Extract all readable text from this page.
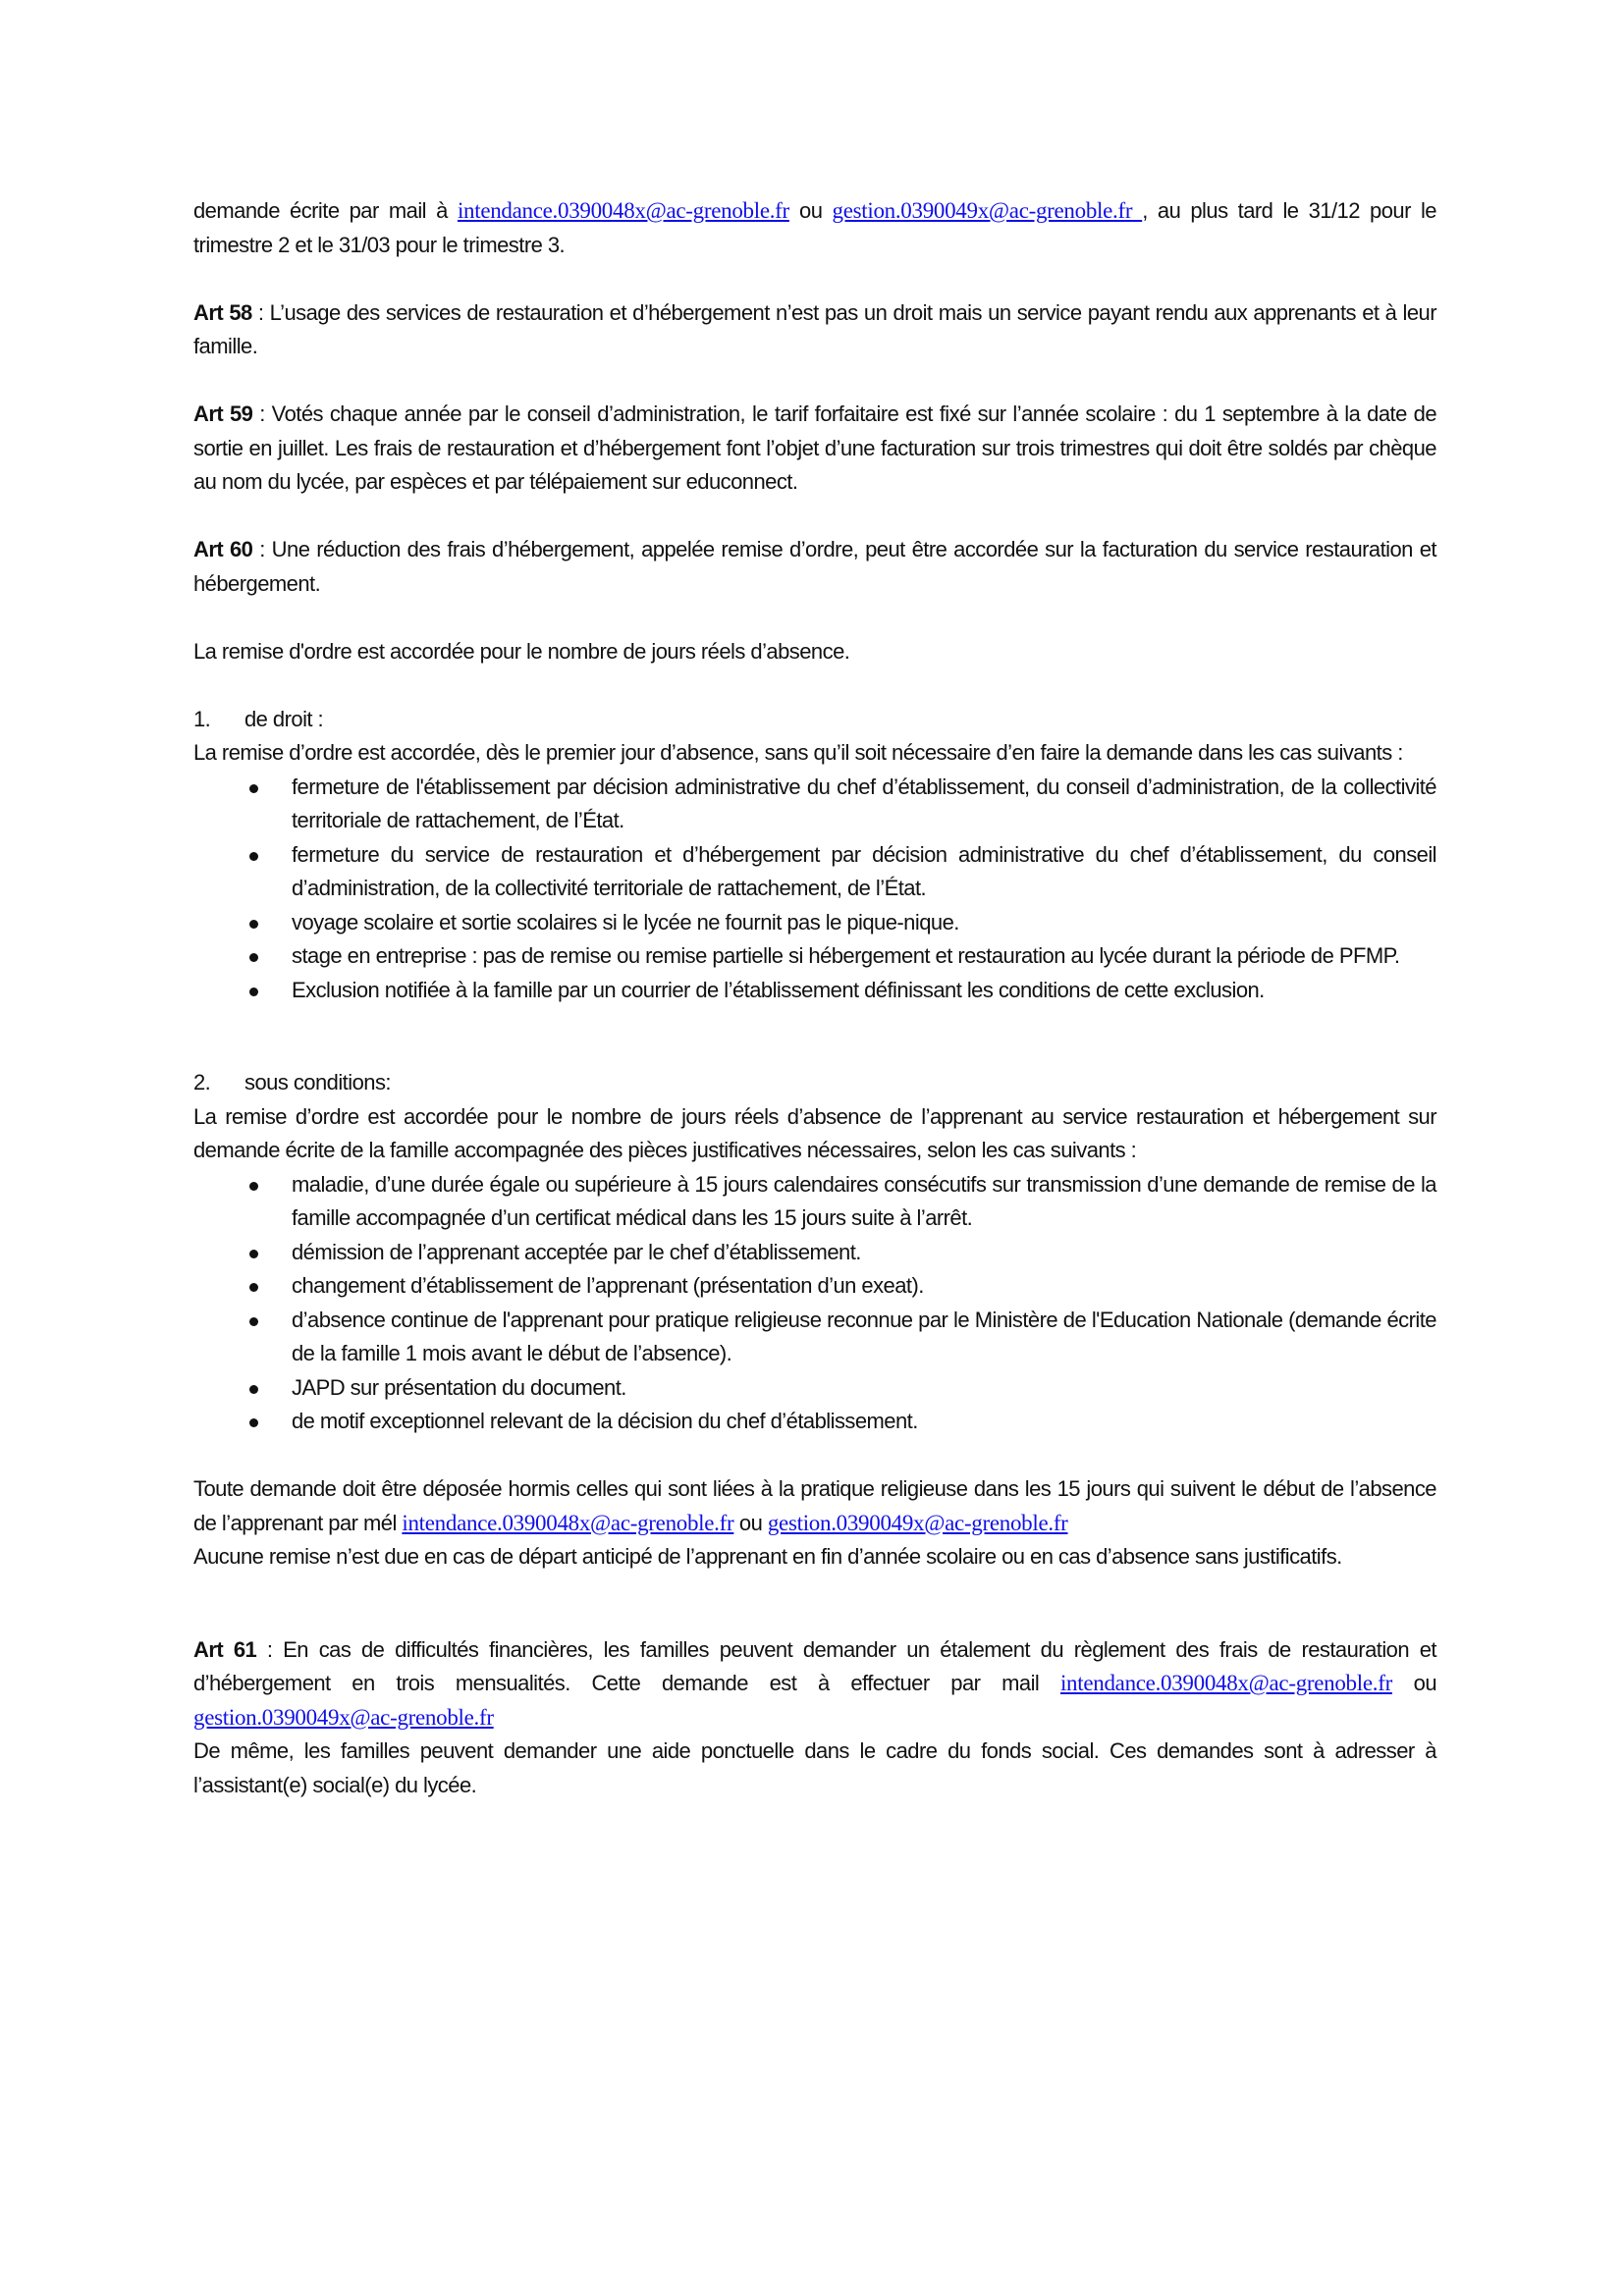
demande écrite par mail à intendance.0390048x@ac-grenoble.fr ou gestion.0390049x@ac-grenoble.fr , au plus tard le 31/12 pour le trimestre 2 et le 31/03 pour le trimestre 3.

Art 58 : L’usage des services de restauration et d’hébergement n’est pas un droit mais un service payant rendu aux apprenants et à leur famille.

Art 59 : Votés chaque année par le conseil d’administration, le tarif forfaitaire est fixé sur l’année scolaire : du 1 septembre à la date de sortie en juillet. Les frais de restauration et d’hébergement font l’objet d’une facturation sur trois trimestres qui doit être soldés par chèque au nom du lycée, par espèces et par télépaiement sur educonnect.

Art 60 : Une réduction des frais d’hébergement, appelée remise d’ordre, peut être accordée sur la facturation du service restauration et hébergement.

La remise d'ordre est accordée pour le nombre de jours réels d’absence.

1. de droit :

La remise d’ordre est accordée, dès le premier jour d’absence, sans qu’il soit nécessaire d’en faire la demande dans les cas suivants :

fermeture de l'établissement par décision administrative du chef d’établissement, du conseil d’administration, de la collectivité territoriale de rattachement, de l’État.
fermeture du service de restauration et d’hébergement par décision administrative du chef d’établissement, du conseil d’administration, de la collectivité territoriale de rattachement, de l’État.
voyage scolaire et sortie scolaires si le lycée ne fournit pas le pique-nique.
stage en entreprise : pas de remise ou remise partielle si hébergement et restauration au lycée durant la période de PFMP.
Exclusion notifiée à la famille par un courrier de l’établissement définissant les conditions de cette exclusion.
2. sous conditions:

La remise d’ordre est accordée pour le nombre de jours réels d’absence de l’apprenant au service restauration et hébergement sur demande écrite de la famille accompagnée des pièces justificatives nécessaires, selon les cas suivants :

maladie, d’une durée égale ou supérieure à 15 jours calendaires consécutifs sur transmission d’une demande de remise de la famille accompagnée d’un certificat médical dans les 15 jours suite à l’arrêt.
démission de l’apprenant acceptée par le chef d’établissement.
changement d’établissement de l’apprenant (présentation d’un exeat).
d’absence continue de l'apprenant pour pratique religieuse reconnue par le Ministère de l'Education Nationale (demande écrite de la famille 1 mois avant le début de l’absence).
JAPD sur présentation du document.
de motif exceptionnel relevant de la décision du chef d’établissement.

Toute demande doit être déposée hormis celles qui sont liées à la pratique religieuse dans les 15 jours qui suivent le début de l’absence de l’apprenant par mél intendance.0390048x@ac-grenoble.fr ou gestion.0390049x@ac-grenoble.fr

Aucune remise n’est due en cas de départ anticipé de l’apprenant en fin d’année scolaire ou en cas d’absence sans justificatifs.

Art 61 : En cas de difficultés financières, les familles peuvent demander un étalement du règlement des frais de restauration et d’hébergement en trois mensualités. Cette demande est à effectuer par mail intendance.0390048x@ac-grenoble.fr ou gestion.0390049x@ac-grenoble.fr

De même, les familles peuvent demander une aide ponctuelle dans le cadre du fonds social. Ces demandes sont à adresser à l’assistant(e) social(e) du lycée.
